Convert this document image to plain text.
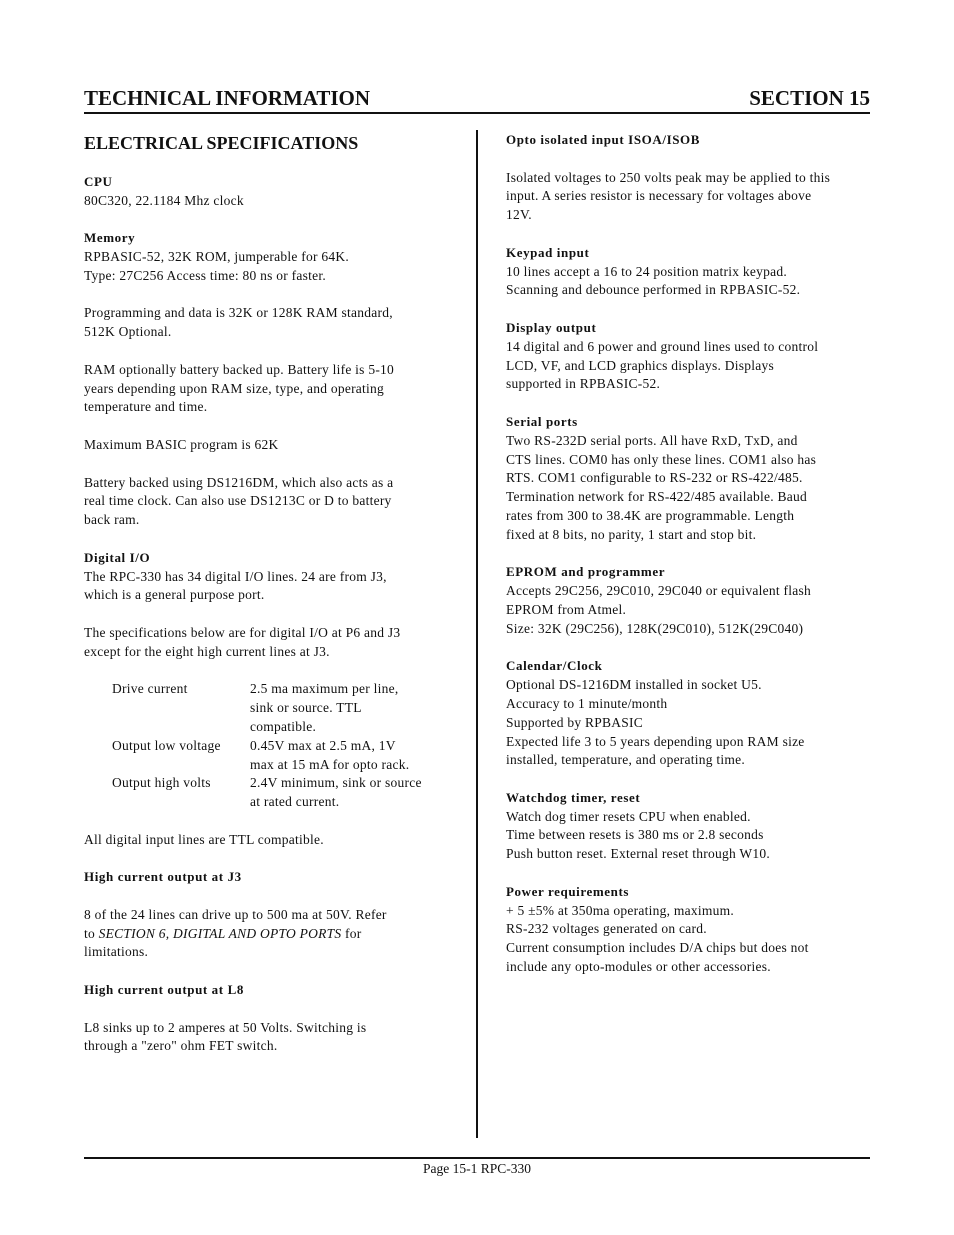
TECHNICAL INFORMATION	SECTION 15
ELECTRICAL SPECIFICATIONS
CPU
80C320, 22.1184 Mhz clock
Memory
RPBASIC-52, 32K ROM, jumperable for 64K.
Type: 27C256 Access time: 80 ns or faster.
Programming and data is 32K or 128K RAM standard,
512K Optional.
RAM optionally battery backed up. Battery life is 5-10
years depending upon RAM size, type, and operating
temperature and time.
Maximum BASIC program is 62K
Battery backed using DS1216DM, which also acts as a
real time clock. Can also use DS1213C or D to battery
back ram.
Digital I/O
The RPC-330 has 34 digital I/O lines. 24 are from J3,
which is a general purpose port.
The specifications below are for digital I/O at P6 and J3
except for the eight high current lines at J3.
Drive current	2.5 ma maximum per line,
sink or source. TTL
compatible.

Output low voltage	0.45V max at 2.5 mA, 1V
max at 15 mA for opto rack.

Output high volts	2.4V minimum, sink or source
at rated current.
All digital input lines are TTL compatible.
High current output at J3
8 of the 24 lines can drive up to 500 ma at 50V. Refer
to SECTION 6, DIGITAL AND OPTO PORTS for
limitations.
High current output at L8
L8 sinks up to 2 amperes at 50 Volts. Switching is
through a "zero" ohm FET switch.
Opto isolated input ISOA/ISOB
Isolated voltages to 250 volts peak may be applied to this
input. A series resistor is necessary for voltages above
12V.
Keypad input
10 lines accept a 16 to 24 position matrix keypad.
Scanning and debounce performed in RPBASIC-52.
Display output
14 digital and 6 power and ground lines used to control
LCD, VF, and LCD graphics displays. Displays
supported in RPBASIC-52.
Serial ports
Two RS-232D serial ports. All have RxD, TxD, and
CTS lines. COM0 has only these lines. COM1 also has
RTS. COM1 configurable to RS-232 or RS-422/485.
Termination network for RS-422/485 available. Baud
rates from 300 to 38.4K are programmable. Length
fixed at 8 bits, no parity, 1 start and stop bit.
EPROM and programmer
Accepts 29C256, 29C010, 29C040 or equivalent flash
EPROM from Atmel.
Size: 32K (29C256), 128K(29C010), 512K(29C040)
Calendar/Clock
Optional DS-1216DM installed in socket U5.
Accuracy to 1 minute/month
Supported by RPBASIC
Expected life 3 to 5 years depending upon RAM size
installed, temperature, and operating time.
Watchdog timer, reset
Watch dog timer resets CPU when enabled.
Time between resets is 380 ms or 2.8 seconds
Push button reset. External reset through W10.
Power requirements
+ 5 ±5% at 350ma operating, maximum.
RS-232 voltages generated on card.
Current consumption includes D/A chips but does not
include any opto-modules or other accessories.
Page 15-1 RPC-330
